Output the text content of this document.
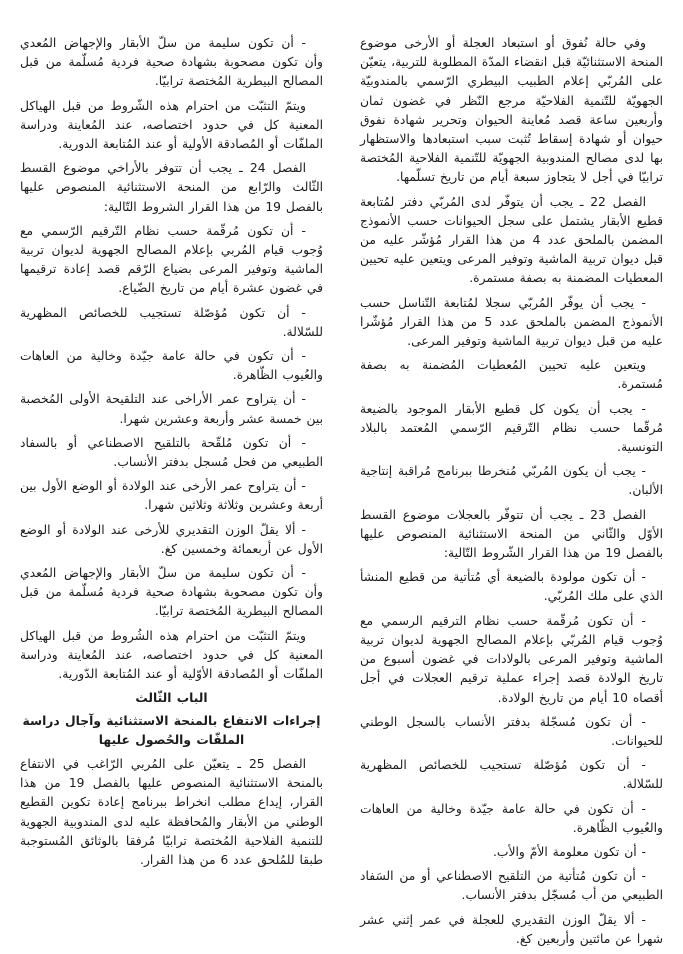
وفي حالة نُفوق أو استبعاد العجلة أو الأرخى موضوع المنحة الاستثنائيّة قبل انقضاء المدّة المطلوبة للتربية، يتعيّن على المُربّي إعلام الطبيب البيطري الرّسمي بالمندوبيّة الجهويّة للتّنمية الفلاحيّة مرجع النّظر في غضون ثمان وأربعين ساعة قصد مُعاينة الحيوان وتحرير شهادة نفوق حيوان أو شهادة إسقاط تُثبت سبب استبعادها والاستظهار بها لدى مصالح المندوبية الجهويّة للتّنمية الفلاحية المُختصة ترابيّا في أجل لا يتجاوز سبعة أيام من تاريخ تسلّمها.

الفصل 22 ـ يجب أن يتوفّر لدى المُربّي دفتر لمُتابعة قطيع الأبقار يشتمل على سجل الحيوانات حسب الأنموذج المضمن بالملحق عدد 4 من هذا القرار مُؤشّر عليه من قبل ديوان تربية الماشية وتوفير المرعى ويتعين عليه تحيين المعطيات المضمنة به بصفة مستمرة.

- يجب أن يوفّر المُربّي سجلا لمُتابعة التّناسل حسب الأنموذج المضمن بالملحق عدد 5 من هذا القرار مُؤشّرا عليه من قبل ديوان تربية الماشية وتوفير المرعى.

ويتعين عليه تحيين المُعطيات المُضمنة به بصفة مُستمرة.

- يجب أن يكون كل قطيع الأبقار الموجود بالضيعة مُرقّما حسب نظام التّرقيم الرّسمي المُعتمد بالبلاد التونسية.

- يجب أن يكون المُربّي مُنخرطا ببرنامج مُراقبة إنتاجية الألبان.

الفصل 23 ـ يجب أن تتوفّر بالعجلات موضوع القسط الأوّل والثّاني من المنحة الاستثنائية المنصوص عليها بالفصل 19 من هذا القرار الشّروط التّالية:

- أن تكون مولودة بالضيعة أي مُتأتية من قطيع المنشأ الذي على ملك المُربّي.

- أن تكون مُرقّمة حسب نظام الترقيم الرسمي مع وُجوب قيام المُربّي بإعلام المصالح الجهوية لديوان تربية الماشية وتوفير المرعى بالولادات في غضون أسبوع من تاريخ الولادة قصد إجراء عملية ترقيم العجلات في أجل أقصاه 10 أيام من تاريخ الولادة.

- أن تكون مُسجّلة بدفتر الأنساب بالسجل الوطني للحيوانات.

- أن تكون مُؤصّلة تستجيب للخصائص المظهرية للسّلالة.

- أن تكون في حالة عامة جيّدة وخالية من العاهات والعُيوب الظّاهرة.

- أن تكون معلومة الأمّ والأب.

- أن تكون مُتأتية من التلقيح الاصطناعي أو من السَفاد الطبيعي من أب مُسجّل بدفتر الأنساب.

- ألا يقلّ الوزن التقديري للعجلة في عمر إثني عشر شهرا عن مائتين وأربعين كغ.

- أن تكون سليمة من سلّ الأبقار والإجهاض المُعدي وأن تكون مصحوبة بشهادة صحية فردية مُسلّمة من قبل المصالح البيطرية المُختصة ترابيّا.

ويتمّ التثبّت من احترام هذه الشّروط من قبل الهياكل المعنية كل في حدود اختصاصه، عند المُعاينة ودراسة الملفّات أو المُصادقة الأولية أو عند المُتابعة الدورية.

الفصل 24 ـ يجب أن تتوفر بالأراخي موضوع القسط الثّالث والرّابع من المنحة الاستثنائية المنصوص عليها بالفصل 19 من هذا القرار الشروط التّالية:

- أن تكون مُرقّمة حسب نظام التّرقيم الرّسمي مع وُجوب قيام المُربي بإعلام المصالح الجهوية لديوان تربية الماشية وتوفير المرعى بضياع الرّقم قصد إعادة ترقيمها في غضون عشرة أيام من تاريخ الضّياع.

- أن تكون مُؤصّلة تستجيب للخصائص المظهرية للسّلالة.

- أن تكون في حالة عامة جيّدة وخالية من العاهات والعُيوب الظّاهرة.

- أن يتراوح عمر الأراخى عند التلقيحة الأولى المُخصبة بين خمسة عشر وأربعة وعشرين شهرا.

- أن تكون مُلقّحة بالتلقيح الاصطناعي أو بالسفاد الطبيعي من فحل مُسجل بدفتر الأنساب.

- أن يتراوح عمر الأرخى عند الولادة أو الوضع الأول بين أربعة وعشرين وثلاثة وثلاثين شهرا.

- ألا يقلّ الوزن التقديري للأرخى عند الولادة أو الوضع الأول عن أربعمائة وخمسين كغ.

- أن تكون سليمة من سلّ الأبقار والإجهاض المُعدي وأن تكون مصحوبة بشهادة صحية فردية مُسلّمة من قبل المصالح البيطرية المُختصة ترابيّا.

ويتمّ التثبّت من احترام هذه الشُروط من قبل الهياكل المعنية كل في حدود اختصاصه، عند المُعاينة ودراسة الملفّات أو المُصادقة الأوّلية أو عند المُتابعة الدّورية.

الباب الثّالث

إجراءات الانتفاع بالمنحة الاستثنائية وآجال دراسة الملفّات والحُصول عليها

الفصل 25 ـ يتعيّن على المُربي الرّاغب في الانتفاع بالمنحة الاستثنائية المنصوص عليها بالفصل 19 من هذا القرار، إيداع مطلب انخراط ببرنامج إعادة تكوين القطيع الوطني من الأبقار والمُحافظة عليه لدى المندوبية الجهوية للتنمية الفلاحية المُختصة ترابيّا مُرفقا بالوثائق المُستوجبة طبقا للمُلحق عدد 6 من هذا القرار.
